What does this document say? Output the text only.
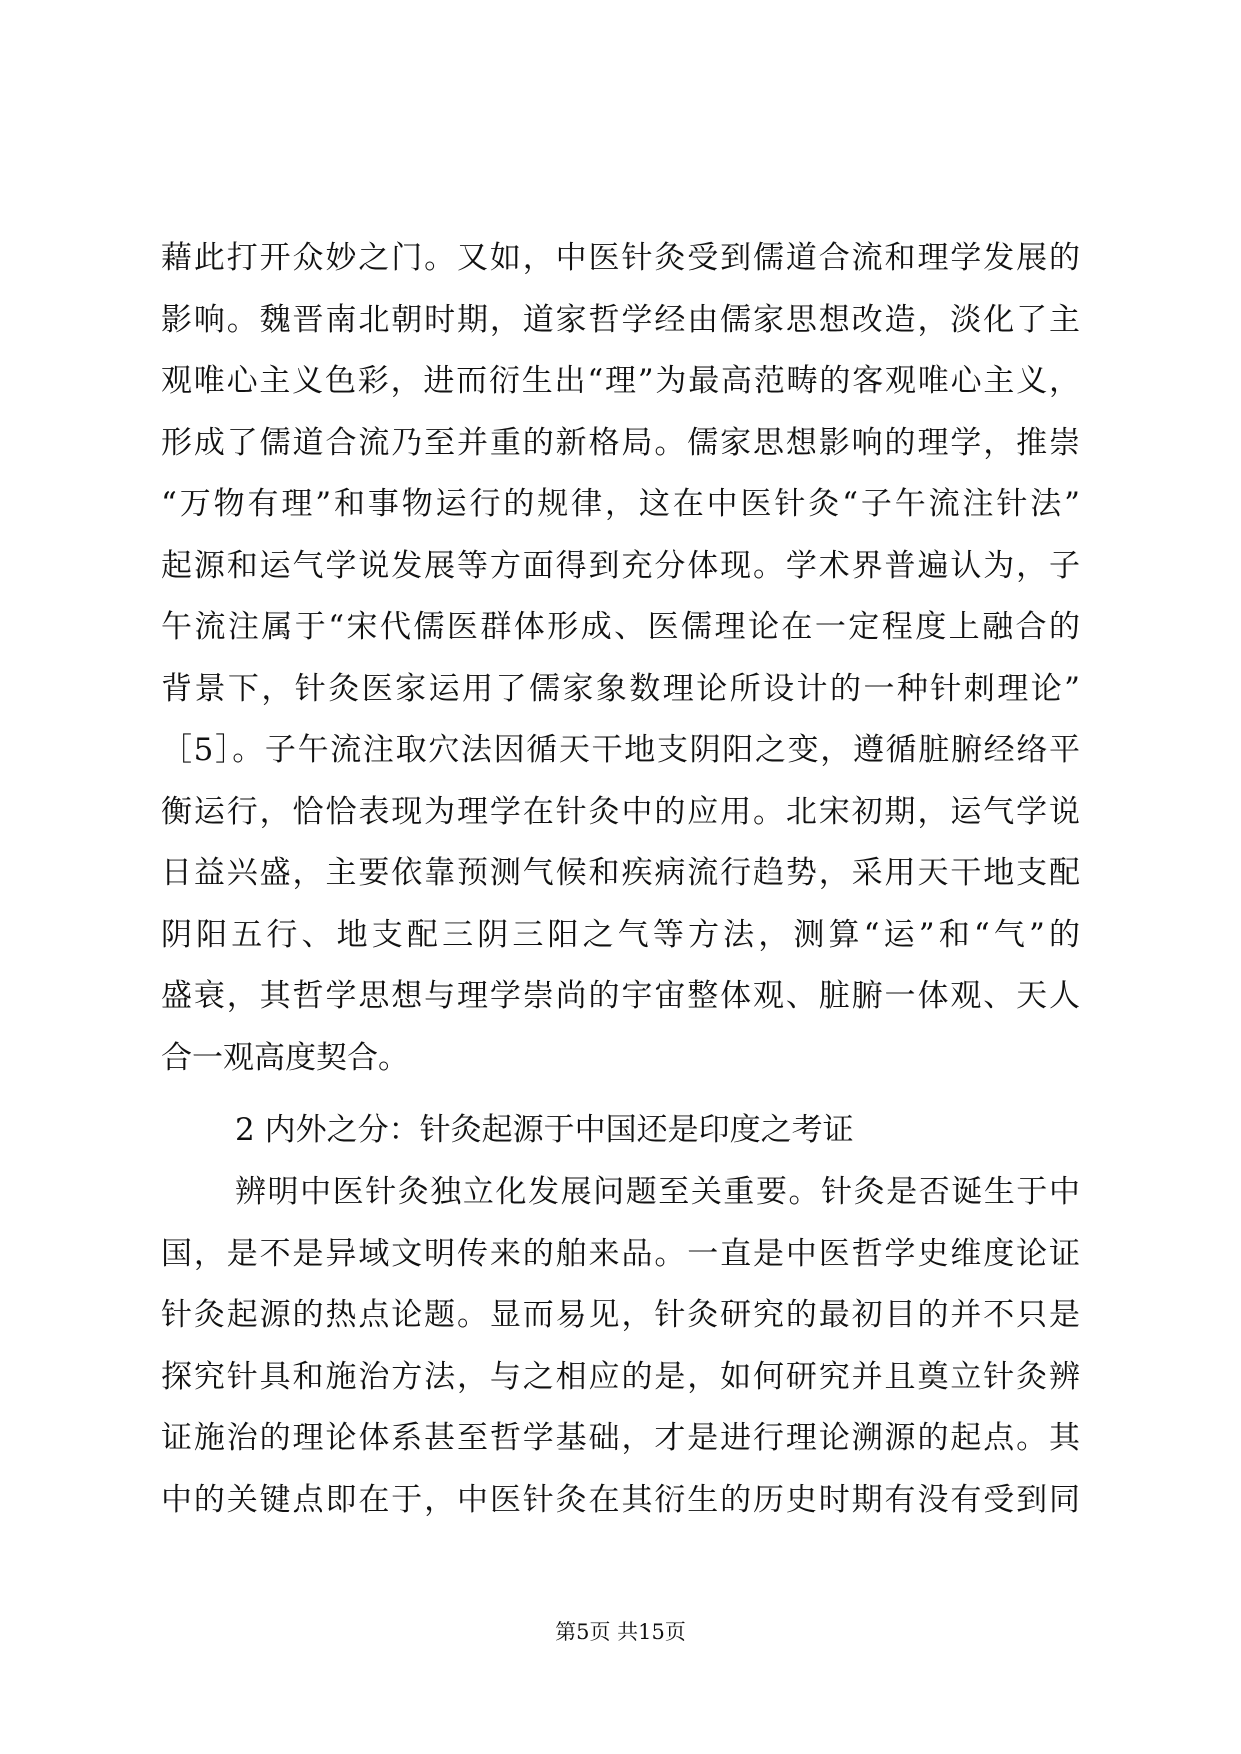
藉此打开众妙之门。又如，中医针灸受到儒道合流和理学发展的
影响。魏晋南北朝时期，道家哲学经由儒家思想改造，淡化了主
观唯心主义色彩，进而衍生出“理”为最高范畴的客观唯心主义，
形成了儒道合流乃至并重的新格局。儒家思想影响的理学，推崇
“万物有理”和事物运行的规律，这在中医针灸“子午流注针法”
起源和运气学说发展等方面得到充分体现。学术界普遍认为，子
午流注属于“宋代儒医群体形成、医儒理论在一定程度上融合的
背景下，针灸医家运用了儒家象数理论所设计的一种针刺理论”
［5］。子午流注取穴法因循天干地支阴阳之变，遵循脏腑经络平
衡运行，恰恰表现为理学在针灸中的应用。北宋初期，运气学说
日益兴盛，主要依靠预测气候和疾病流行趋势，采用天干地支配
阴阳五行、地支配三阴三阳之气等方法，测算“运”和“气”的
盛衰，其哲学思想与理学崇尚的宇宙整体观、脏腑一体观、天人
合一观高度契合。
2 内外之分：针灸起源于中国还是印度之考证
辨明中医针灸独立化发展问题至关重要。针灸是否诞生于中
国，是不是异域文明传来的舶来品。一直是中医哲学史维度论证
针灸起源的热点论题。显而易见，针灸研究的最初目的并不只是
探究针具和施治方法，与之相应的是，如何研究并且奠立针灸辨
证施治的理论体系甚至哲学基础，才是进行理论溯源的起点。其
中的关键点即在于，中医针灸在其衍生的历史时期有没有受到同
第5页 共15页
